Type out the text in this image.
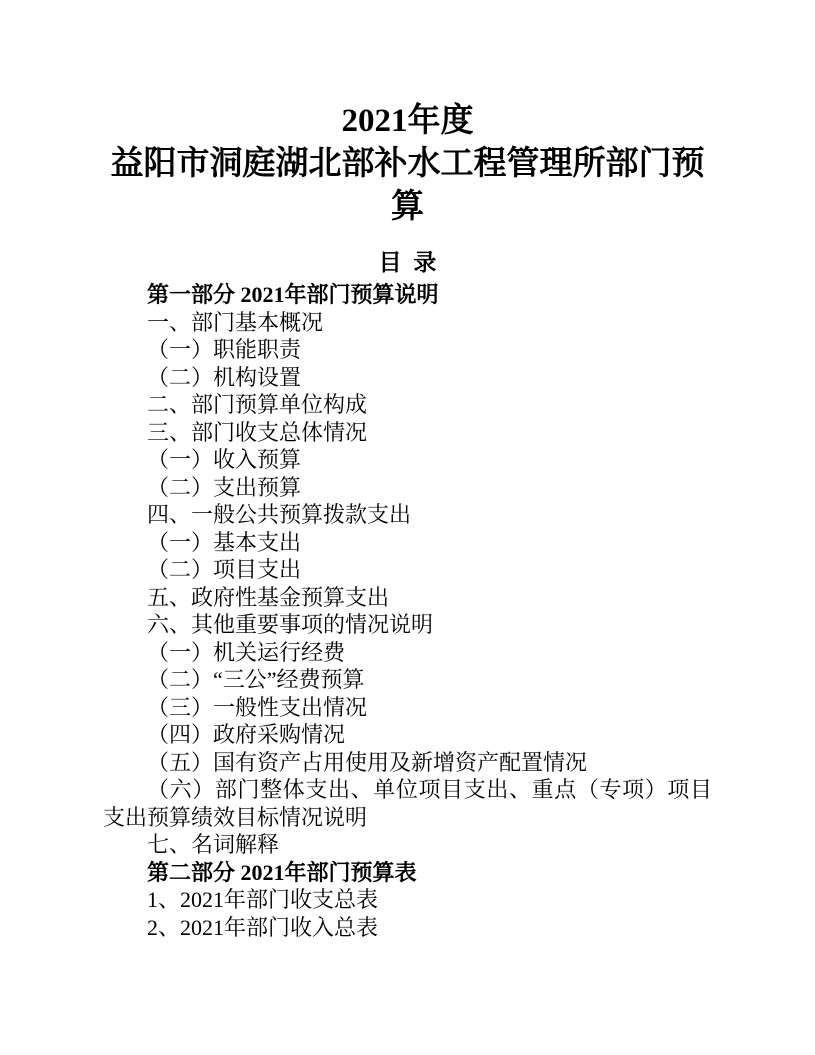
2021年度
益阳市洞庭湖北部补水工程管理所部门预算
目 录

第一部分 2021年部门预算说明

一、部门基本概况

（一）职能职责

（二）机构设置

二、部门预算单位构成

三、部门收支总体情况

（一）收入预算

（二）支出预算

四、一般公共预算拨款支出

（一）基本支出

（二）项目支出

五、政府性基金预算支出

六、其他重要事项的情况说明

（一）机关运行经费

（二）“三公”经费预算

（三）一般性支出情况

（四）政府采购情况

（五）国有资产占用使用及新增资产配置情况

（六）部门整体支出、单位项目支出、重点（专项）项目支出预算绩效目标情况说明

七、名词解释

第二部分 2021年部门预算表

1、2021年部门收支总表

2、2021年部门收入总表
